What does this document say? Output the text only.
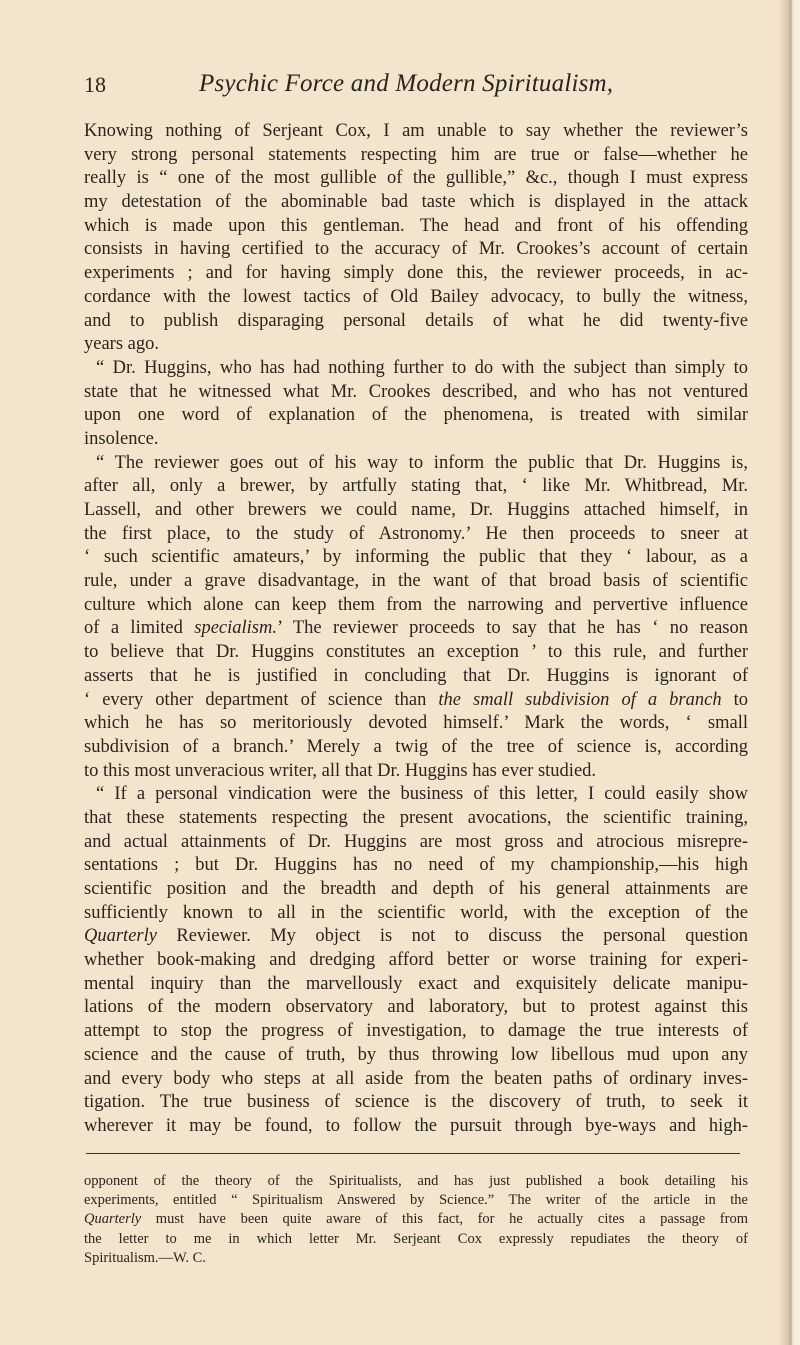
18	Psychic Force and Modern Spiritualism,
Knowing nothing of Serjeant Cox, I am unable to say whether the reviewer’s
very strong personal statements respecting him are true or false—whether he
really is “ one of the most gullible of the gullible,” &c., though I must express
my detestation of the abominable bad taste which is displayed in the attack
which is made upon this gentleman. The head and front of his offending
consists in having certified to the accuracy of Mr. Crookes’s account of certain
experiments ; and for having simply done this, the reviewer proceeds, in ac-
cordance with the lowest tactics of Old Bailey advocacy, to bully the witness,
and to publish disparaging personal details of what he did twenty-five
years ago.
“ Dr. Huggins, who has had nothing further to do with the subject than simply to
state that he witnessed what Mr. Crookes described, and who has not ventured
upon one word of explanation of the phenomena, is treated with similar
insolence.
“ The reviewer goes out of his way to inform the public that Dr. Huggins is,
after all, only a brewer, by artfully stating that, ‘ like Mr. Whitbread, Mr.
Lassell, and other brewers we could name, Dr. Huggins attached himself, in
the first place, to the study of Astronomy.’ He then proceeds to sneer at
‘ such scientific amateurs,’ by informing the public that they ‘ labour, as a
rule, under a grave disadvantage, in the want of that broad basis of scientific
culture which alone can keep them from the narrowing and pervertive influence
of a limited specialism.’ The reviewer proceeds to say that he has ‘ no reason
to believe that Dr. Huggins constitutes an exception ’ to this rule, and further
asserts that he is justified in concluding that Dr. Huggins is ignorant of
‘ every other department of science than the small subdivision of a branch to
which he has so meritoriously devoted himself.’ Mark the words, ‘ small
subdivision of a branch.’ Merely a twig of the tree of science is, according
to this most unveracious writer, all that Dr. Huggins has ever studied.
“ If a personal vindication were the business of this letter, I could easily show
that these statements respecting the present avocations, the scientific training,
and actual attainments of Dr. Huggins are most gross and atrocious misrepre-
sentations ; but Dr. Huggins has no need of my championship,—his high
scientific position and the breadth and depth of his general attainments are
sufficiently known to all in the scientific world, with the exception of the
Quarterly Reviewer. My object is not to discuss the personal question
whether book-making and dredging afford better or worse training for experi-
mental inquiry than the marvellously exact and exquisitely delicate manipu-
lations of the modern observatory and laboratory, but to protest against this
attempt to stop the progress of investigation, to damage the true interests of
science and the cause of truth, by thus throwing low libellous mud upon any
and every body who steps at all aside from the beaten paths of ordinary inves-
tigation. The true business of science is the discovery of truth, to seek it
wherever it may be found, to follow the pursuit through bye-ways and high-
opponent of the theory of the Spiritualists, and has just published a book detailing his
experiments, entitled “ Spiritualism Answered by Science.” The writer of the article in the
Quarterly must have been quite aware of this fact, for he actually cites a passage from
the letter to me in which letter Mr. Serjeant Cox expressly repudiates the theory of
Spiritualism.—W. C.
